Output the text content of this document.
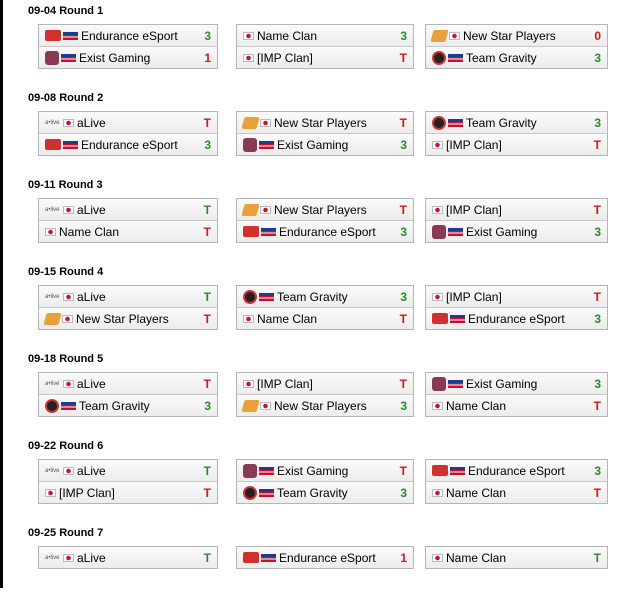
09-04 Round 1
Endurance eSport	3
Exist Gaming	1
Name Clan	3
[IMP Clan]	T
New Star Players	0
Team Gravity	3
09-08 Round 2
a•live aLive	T
Endurance eSport	3
New Star Players	T
Exist Gaming	3
Team Gravity	3
[IMP Clan]	T
09-11 Round 3
a•live aLive	T
Name Clan	T
New Star Players	T
Endurance eSport	3
[IMP Clan]	T
Exist Gaming	3
09-15 Round 4
a•live aLive	T
New Star Players	T
Team Gravity	3
Name Clan	T
[IMP Clan]	T
Endurance eSport	3
09-18 Round 5
a•live aLive	T
Team Gravity	3
[IMP Clan]	T
New Star Players	3
Exist Gaming	3
Name Clan	T
09-22 Round 6
a•live aLive	T
[IMP Clan]	T
Exist Gaming	T
Team Gravity	3
Endurance eSport	3
Name Clan	T
09-25 Round 7
a•live aLive	T	Endurance eSport	1	Name Clan	T
